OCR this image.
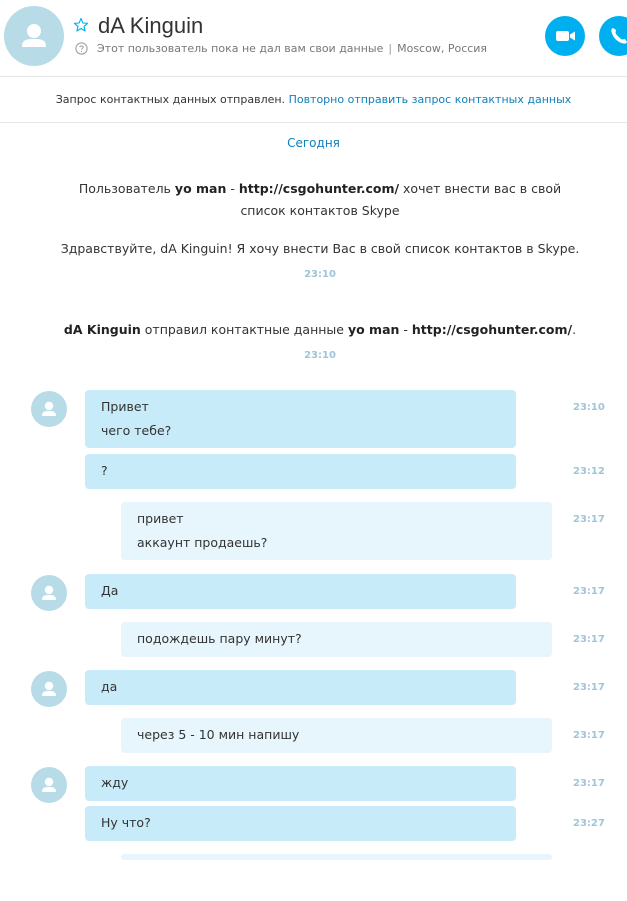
dA Kinguin
Этот пользователь пока не дал вам свои данные | Moscow, Россия
Запрос контактных данных отправлен. Повторно отправить запрос контактных данных
Сегодня
Пользователь yo man - http://csgohunter.com/ хочет внести вас в свой список контактов Skype
Здравствуйте, dA Kinguin! Я хочу внести Вас в свой список контактов в Skype.
23:10
dA Kinguin отправил контактные данные yo man - http://csgohunter.com/.
23:10
Привет
чего тебе?
23:10
?	23:12
привет
аккаунт продаешь?
23:17
Да	23:17
подождешь пару минут?	23:17
да	23:17
через 5 - 10 мин напишу	23:17
жду	23:17
Ну что?	23:27
